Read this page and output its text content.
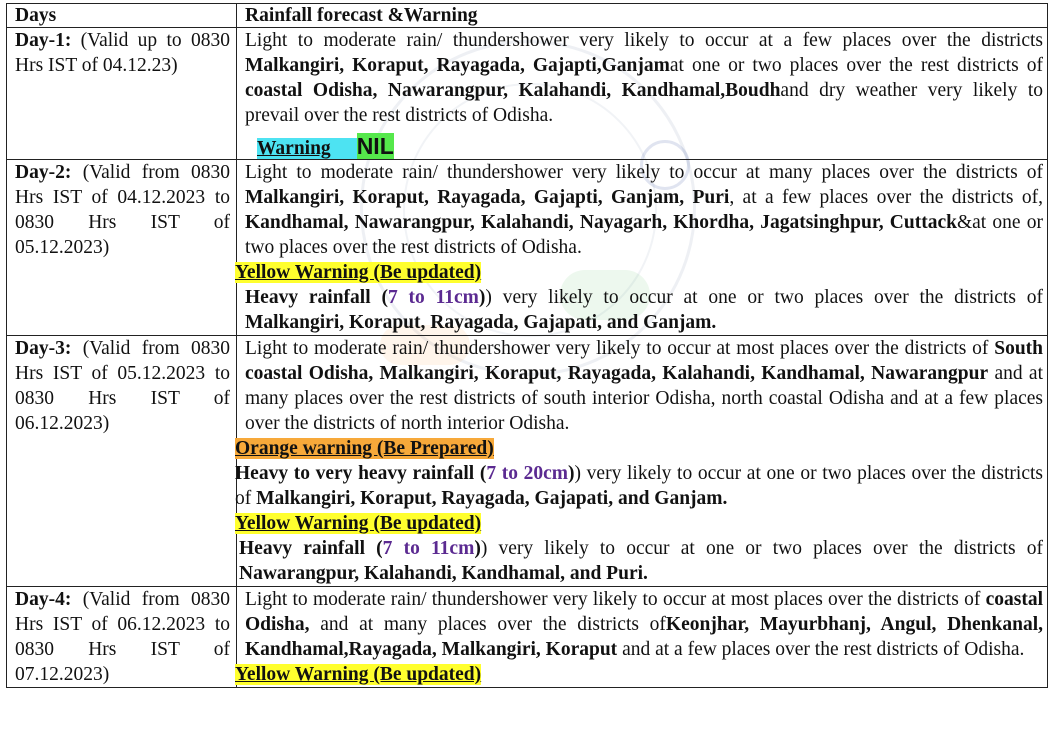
Days	Rainfall forecast &Warning
Day-1: (Valid up to 0830 Hrs IST of 04.12.23)	Light to moderate rain/ thundershower very likely to occur at a few places over the districts Malkangiri, Koraput, Rayagada, Gajapti,Ganjamat one or two places over the rest districts of coastal Odisha, Nawarangpur, Kalahandi, Kandhamal,Boudhand dry weather very likely to prevail over the rest districts of Odisha.
Warning NIL

Day-2: (Valid from 0830 Hrs IST of 04.12.2023 to 0830 Hrs IST of 05.12.2023)	Light to moderate rain/ thundershower very likely to occur at many places over the districts of Malkangiri, Koraput, Rayagada, Gajapti, Ganjam, Puri, at a few places over the districts of, Kandhamal, Nawarangpur, Kalahandi, Nayagarh, Khordha, Jagatsinghpur, Cuttack&at one or two places over the rest districts of Odisha.
Yellow Warning (Be updated)
Heavy rainfall (7 to 11cm)) very likely to occur at one or two places over the districts of Malkangiri, Koraput, Rayagada, Gajapati, and Ganjam.

Day-3: (Valid from 0830 Hrs IST of 05.12.2023 to 0830 Hrs IST of 06.12.2023)	Light to moderate rain/ thundershower very likely to occur at most places over the districts of South coastal Odisha, Malkangiri, Koraput, Rayagada, Kalahandi, Kandhamal, Nawarangpur and at many places over the rest districts of south interior Odisha, north coastal Odisha and at a few places over the districts of north interior Odisha.
Orange warning (Be Prepared)
Heavy to very heavy rainfall (7 to 20cm)) very likely to occur at one or two places over the districts of Malkangiri, Koraput, Rayagada, Gajapati, and Ganjam.
Yellow Warning (Be updated)
Heavy rainfall (7 to 11cm)) very likely to occur at one or two places over the districts of Nawarangpur, Kalahandi, Kandhamal, and Puri.

Day-4: (Valid from 0830 Hrs IST of 06.12.2023 to 0830 Hrs IST of 07.12.2023)	Light to moderate rain/ thundershower very likely to occur at most places over the districts of coastal Odisha, and at many places over the districts ofKeonjhar, Mayurbhanj, Angul, Dhenkanal, Kandhamal,Rayagada, Malkangiri, Koraput and at a few places over the rest districts of Odisha.
Yellow Warning (Be updated)
